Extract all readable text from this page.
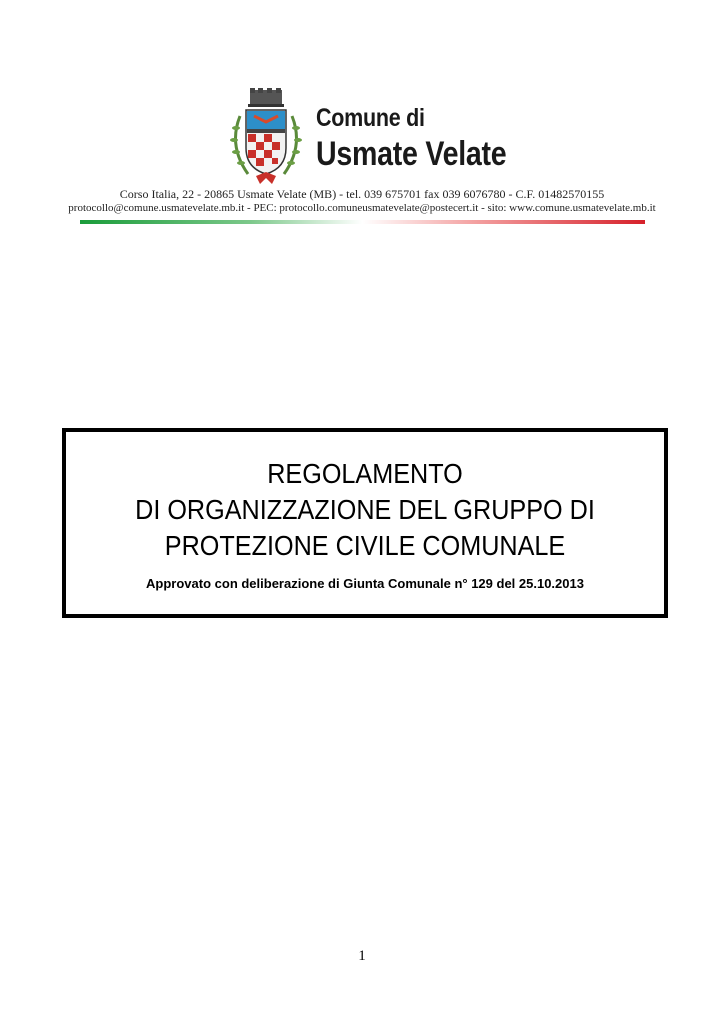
Comune di
Usmate Velate
Corso Italia, 22 - 20865 Usmate Velate (MB) - tel. 039 675701 fax 039 6076780 - C.F. 01482570155
protocollo@comune.usmatevelate.mb.it - PEC: protocollo.comuneusmatevelate@postecert.it - sito: www.comune.usmatevelate.mb.it
REGOLAMENTO
DI ORGANIZZAZIONE DEL GRUPPO DI
PROTEZIONE CIVILE COMUNALE
Approvato con deliberazione di Giunta Comunale n° 129 del 25.10.2013
1
